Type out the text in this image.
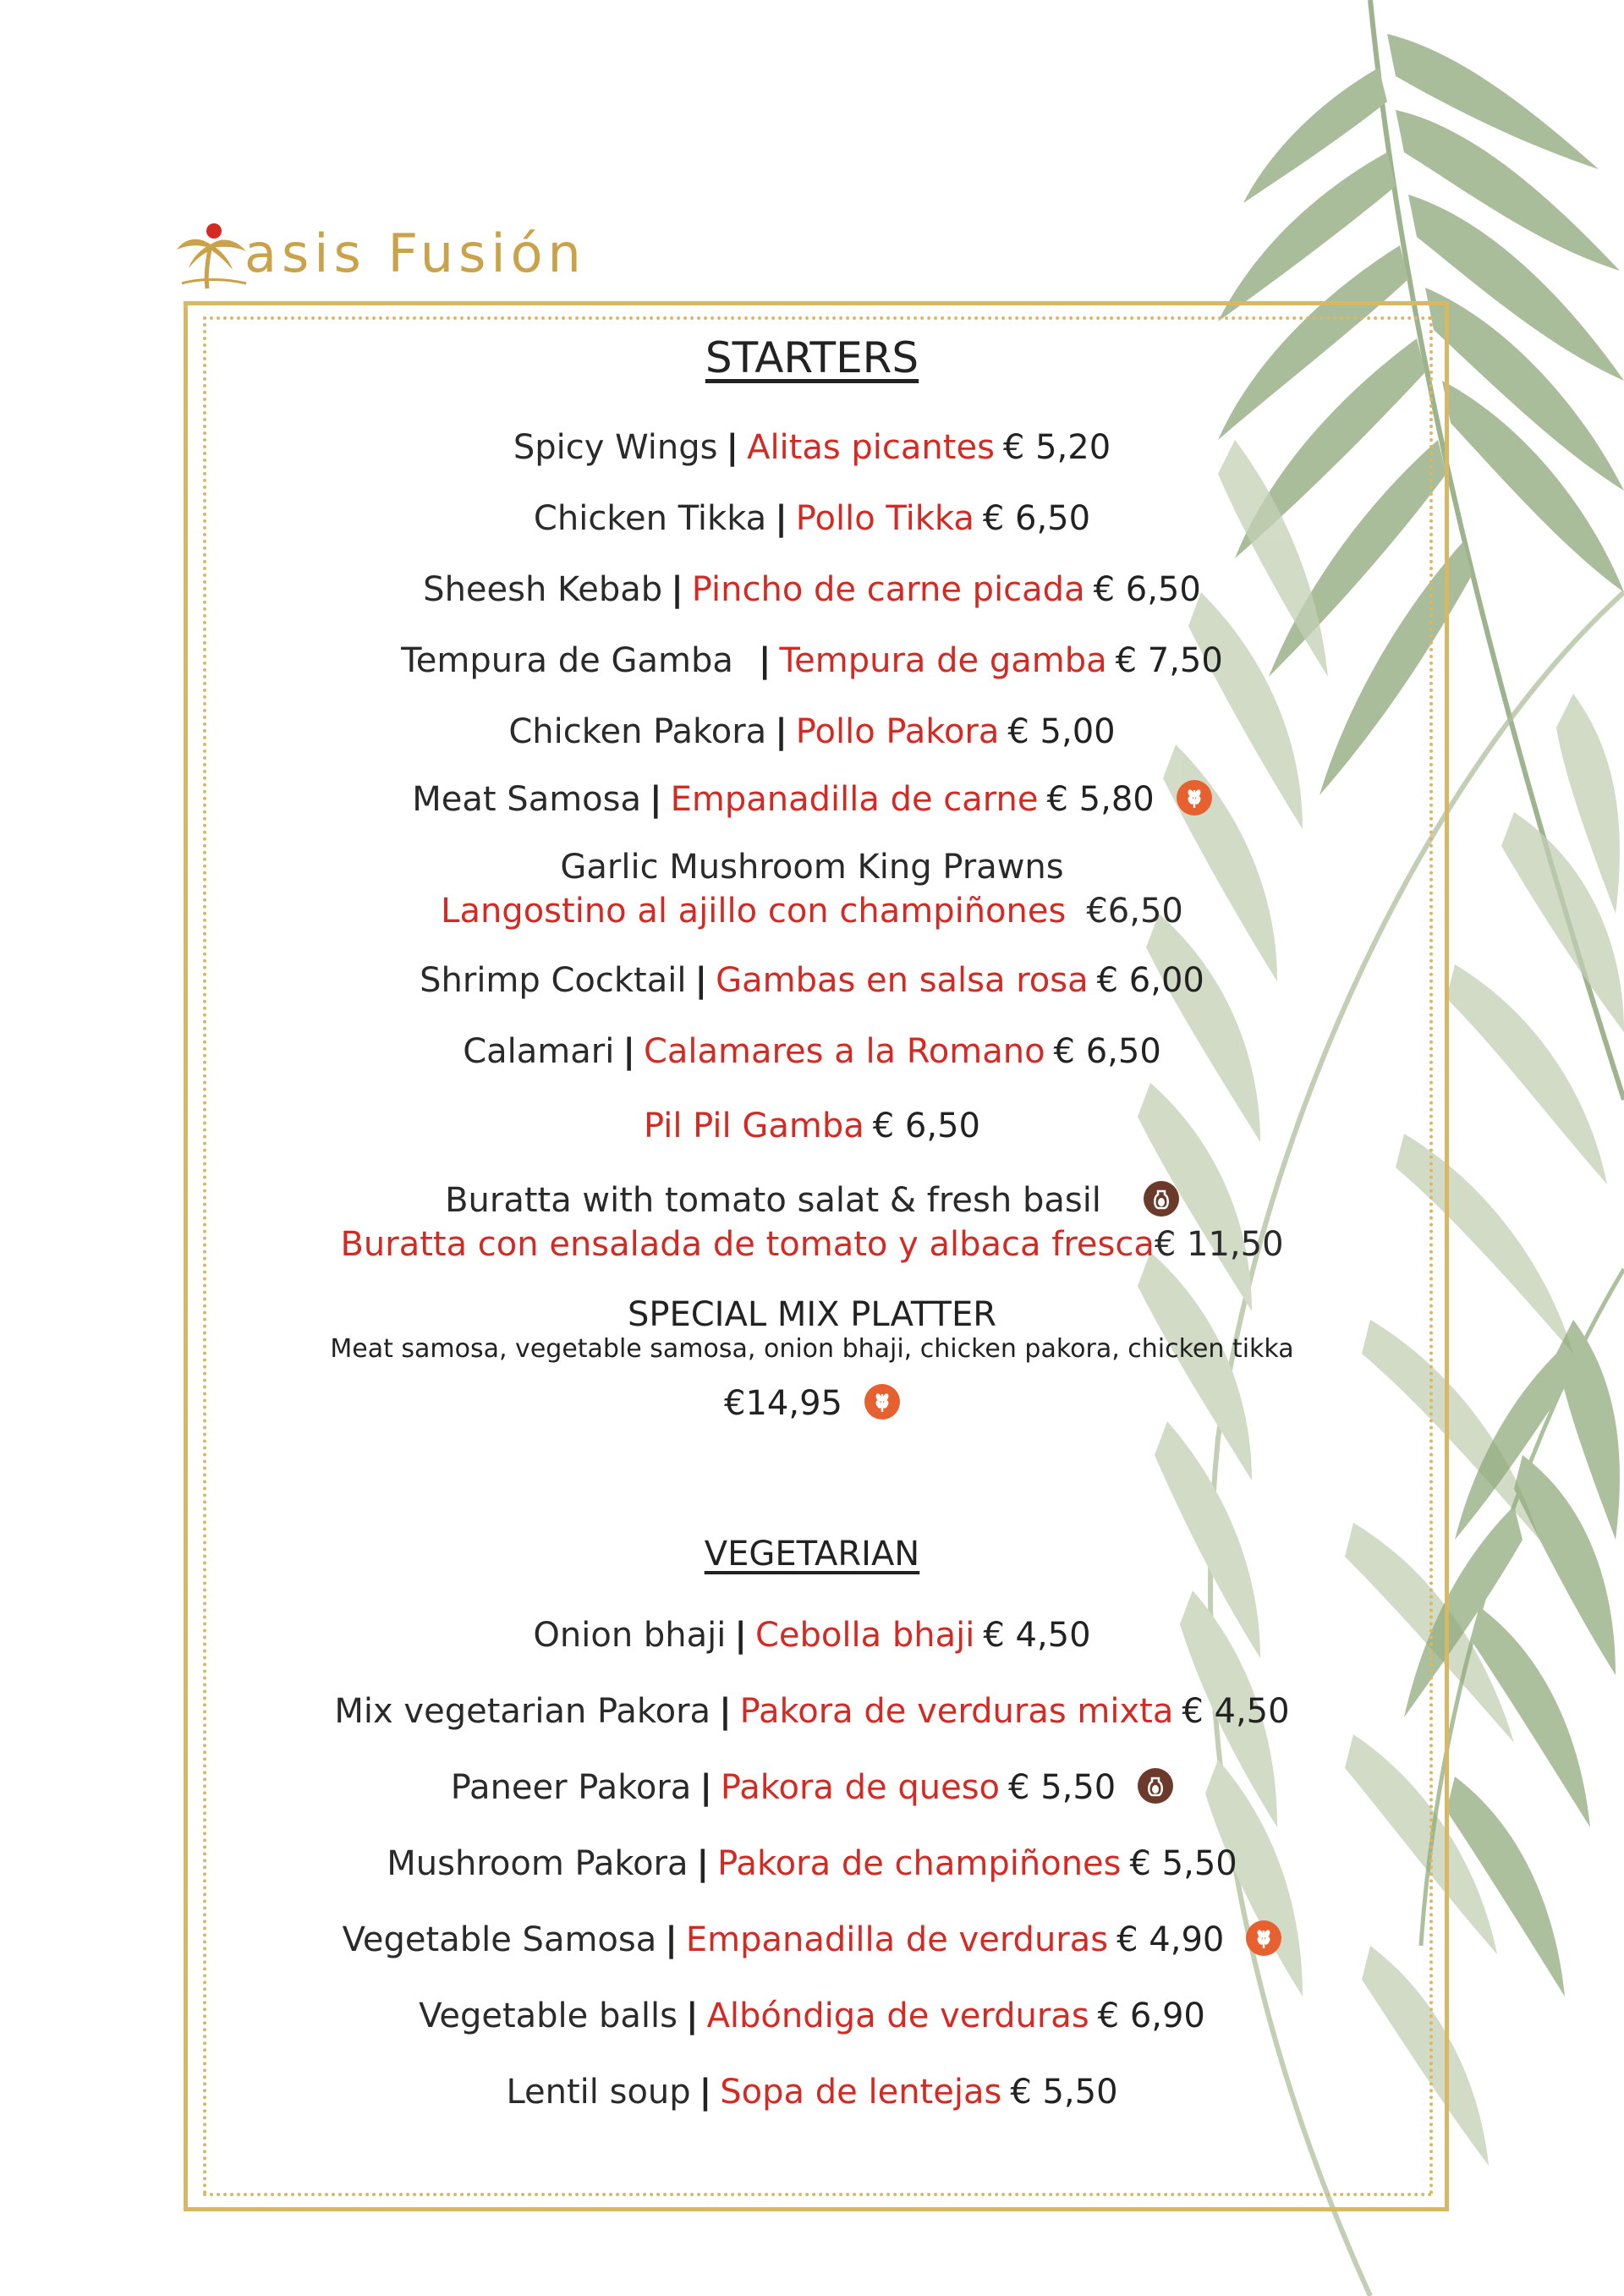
asis Fusión
STARTERS
Spicy Wings | Alitas picantes € 5,20
Chicken Tikka | Pollo Tikka € 6,50
Sheesh Kebab | Pincho de carne picada € 6,50
Tempura de Gamba | Tempura de gamba € 7,50
Chicken Pakora | Pollo Pakora € 5,00
Meat Samosa | Empanadilla de carne € 5,80
Garlic Mushroom King Prawns
Langostino al ajillo con champiñones €6,50
Shrimp Cocktail | Gambas en salsa rosa € 6,00
Calamari | Calamares a la Romano € 6,50
Pil Pil Gamba € 6,50
Buratta with tomato salat & fresh basil
Buratta con ensalada de tomato y albaca fresca€ 11,50
SPECIAL MIX PLATTER
Meat samosa, vegetable samosa, onion bhaji, chicken pakora, chicken tikka
€14,95
VEGETARIAN
Onion bhaji | Cebolla bhaji € 4,50
Mix vegetarian Pakora | Pakora de verduras mixta € 4,50
Paneer Pakora | Pakora de queso € 5,50
Mushroom Pakora | Pakora de champiñones € 5,50
Vegetable Samosa | Empanadilla de verduras € 4,90
Vegetable balls | Albóndiga de verduras € 6,90
Lentil soup | Sopa de lentejas € 5,50
